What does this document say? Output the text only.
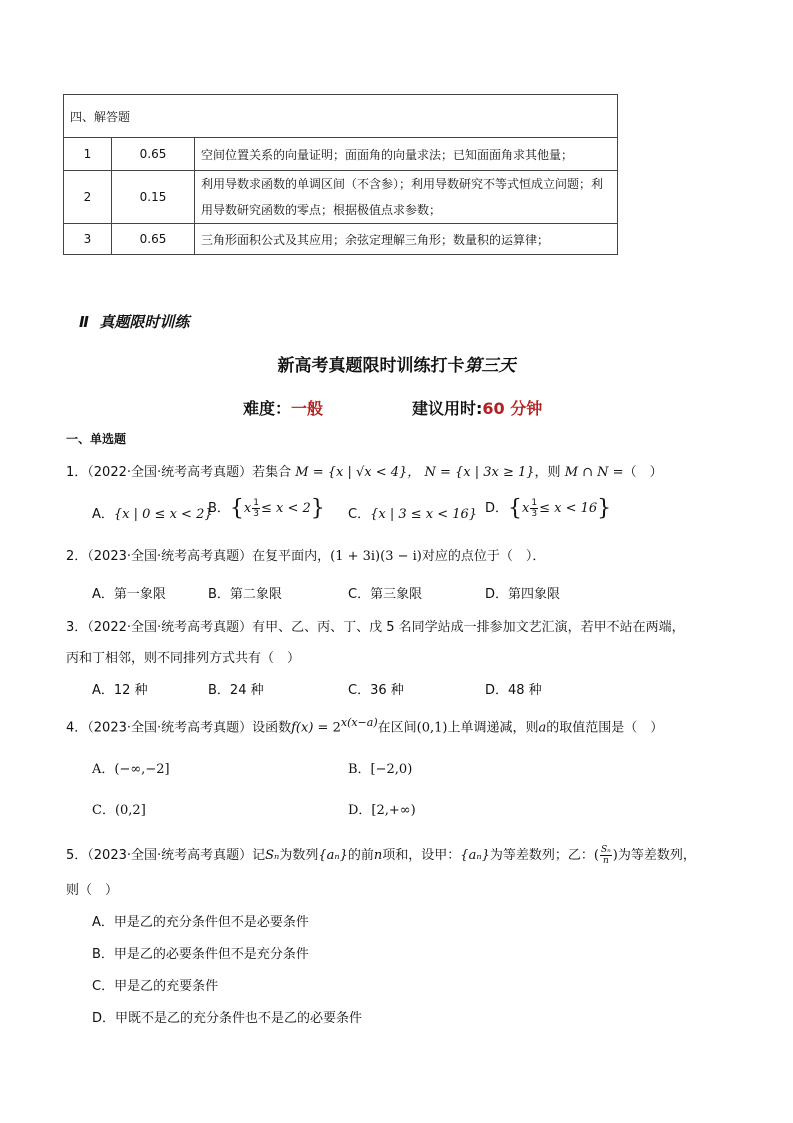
四、解答题		
1	0.65	空间位置关系的向量证明；面面角的向量求法；已知面面角求其他量；
2	0.15	利用导数求函数的单调区间（不含参）；利用导数研究不等式恒成立问题；利
用导数研究函数的零点；根据极值点求参数；

3	0.65	三角形面积公式及其应用；余弦定理解三角形；数量积的运算律；
Ⅱ 真题限时训练
新高考真题限时训练打卡第三天
难度：一般	建议用时:60 分钟
一、单选题
1．（2022·全国·统考高考真题）若集合 M = {x | √x < 4}， N = {x | 3x ≥ 1}，则 M ∩ N =（　）
A．{x | 0 ≤ x < 2}
B．$\{x \frac{1}{3} \le x < 2\}$ C．{x | 3 ≤ x < 16} D．$\{x \frac{1}{3} \le x < 16\}$
2．（2023·全国·统考高考真题）在复平面内，(1 + 3i)(3 − i)对应的点位于（　）．
A．第一象限	B．第二象限	C．第三象限	D．第四象限
3．（2022·全国·统考高考真题）有甲、乙、丙、丁、戊 5 名同学站成一排参加文艺汇演，若甲不站在两端，
丙和丁相邻，则不同排列方式共有（　）
A．12 种	B．24 种	C．36 种	D．48 种
4．（2023·全国·统考高考真题）设函数$f(x) = 2^{x(x-a)}$在区间(0,1)上单调递减，则a的取值范围是（　）
A．(−∞,−2]	B．[−2,0)
C．(0,2]	D．[2,+∞)
5．（2023·全国·统考高考真题）记Sₙ为数列{aₙ}的前n项和，设甲：{aₙ}为等差数列；乙：( $\frac{\text{Sₙ}}{n}$ )为等差数列，
则（　）
A．甲是乙的充分条件但不是必要条件
B．甲是乙的必要条件但不是充分条件
C．甲是乙的充要条件
D．甲既不是乙的充分条件也不是乙的必要条件
